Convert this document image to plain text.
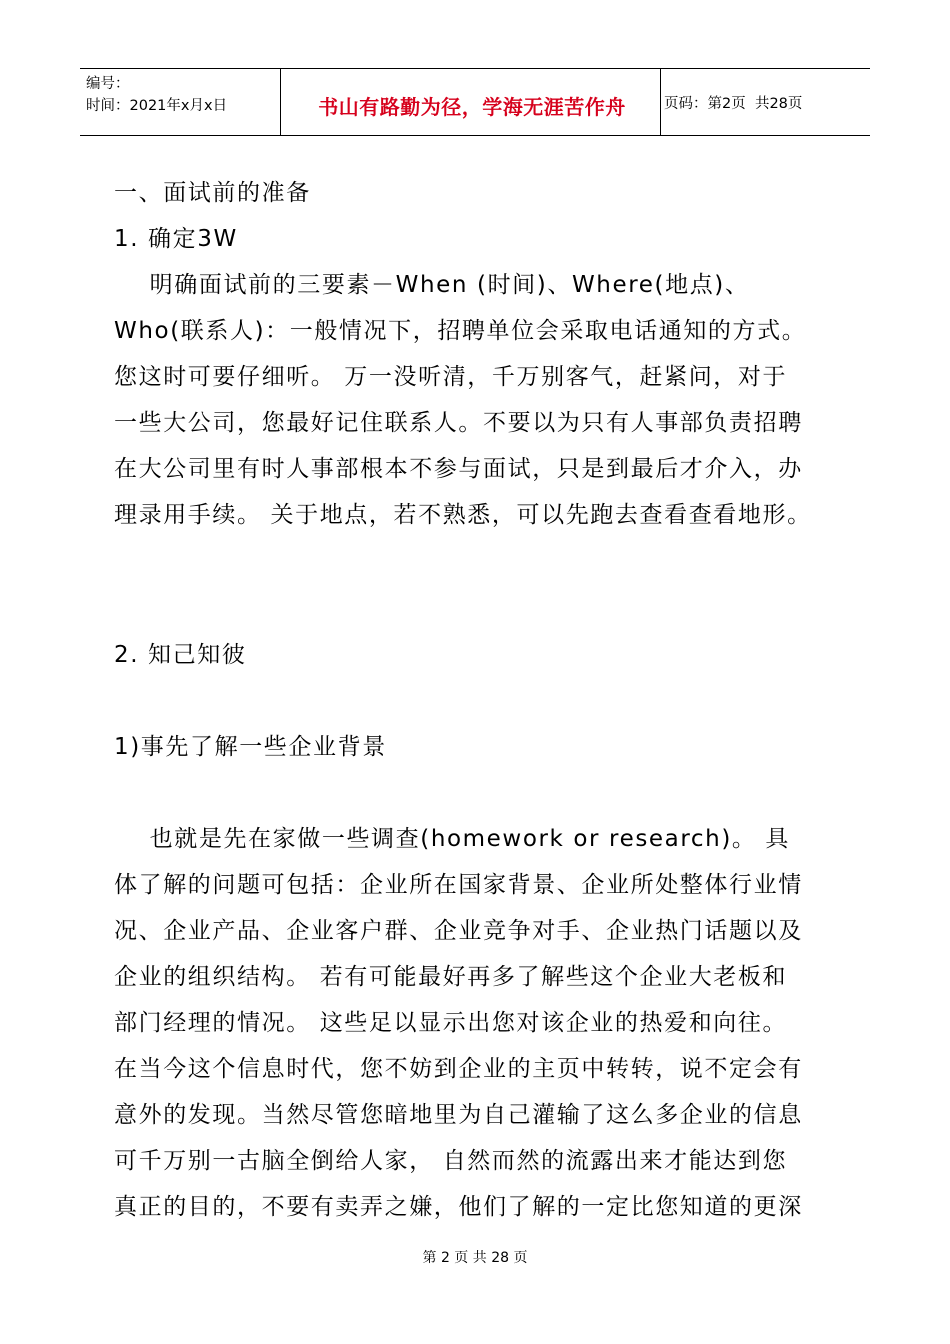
编号：
时间：2021年x月x日	书山有路勤为径，学海无涯苦作舟	页码：第2页  共28页
一、面试前的准备
1. 确定3W
明确面试前的三要素－When (时间)、Where(地点)、
Who(联系人)：一般情况下，招聘单位会采取电话通知的方式。
您这时可要仔细听。 万一没听清，千万别客气，赶紧问，对于
一些大公司，您最好记住联系人。不要以为只有人事部负责招聘
在大公司里有时人事部根本不参与面试，只是到最后才介入，办
理录用手续。 关于地点，若不熟悉，可以先跑去查看查看地形。
2. 知己知彼
1)事先了解一些企业背景
也就是先在家做一些调查(homework or research)。 具
体了解的问题可包括：企业所在国家背景、企业所处整体行业情
况、企业产品、企业客户群、企业竞争对手、企业热门话题以及
企业的组织结构。 若有可能最好再多了解些这个企业大老板和
部门经理的情况。 这些足以显示出您对该企业的热爱和向往。
在当今这个信息时代，您不妨到企业的主页中转转，说不定会有
意外的发现。当然尽管您暗地里为自己灌输了这么多企业的信息
可千万别一古脑全倒给人家， 自然而然的流露出来才能达到您
真正的目的，不要有卖弄之嫌，他们了解的一定比您知道的更深
第 2 页 共 28 页
